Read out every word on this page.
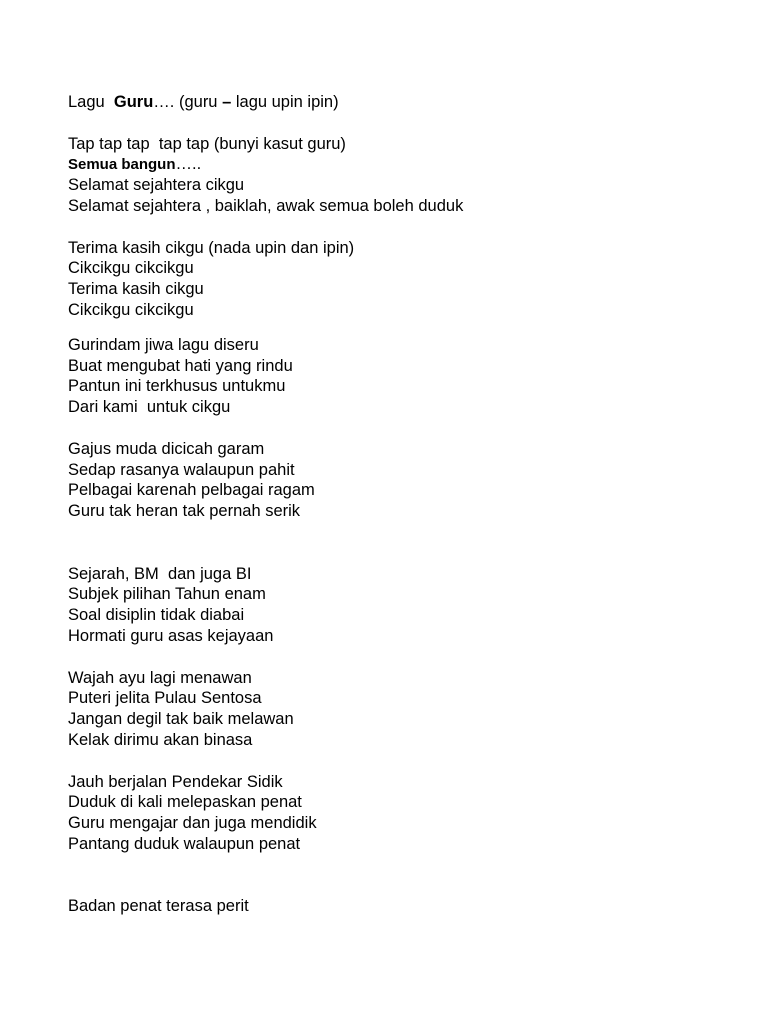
Lagu  Guru…. (guru – lagu upin ipin)
Tap tap tap  tap tap (bunyi kasut guru)
Semua bangun…..
Selamat sejahtera cikgu
Selamat sejahtera , baiklah, awak semua boleh duduk
Terima kasih cikgu (nada upin dan ipin)
Cikcikgu cikcikgu
Terima kasih cikgu
Cikcikgu cikcikgu
Gurindam jiwa lagu diseru
Buat mengubat hati yang rindu
Pantun ini terkhusus untukmu
Dari kami  untuk cikgu
Gajus muda dicicah garam
Sedap rasanya walaupun pahit
Pelbagai karenah pelbagai ragam
Guru tak heran tak pernah serik
Sejarah, BM  dan juga BI
Subjek pilihan Tahun enam
Soal disiplin tidak diabai
Hormati guru asas kejayaan
Wajah ayu lagi menawan
Puteri jelita Pulau Sentosa
Jangan degil tak baik melawan
Kelak dirimu akan binasa
Jauh berjalan Pendekar Sidik
Duduk di kali melepaskan penat
Guru mengajar dan juga mendidik
Pantang duduk walaupun penat
Badan penat terasa perit
